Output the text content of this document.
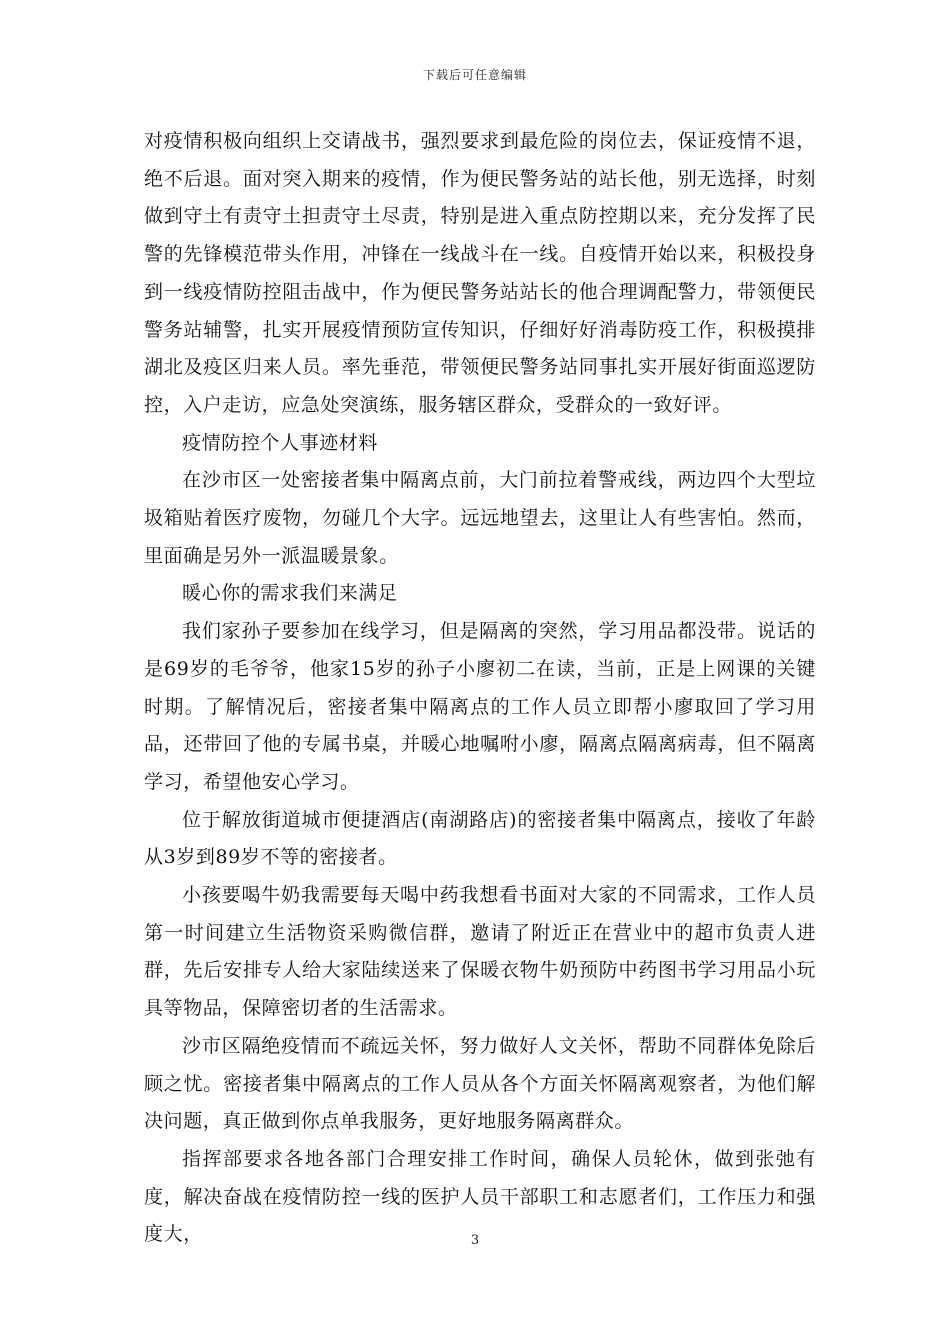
下载后可任意编辑

对疫情积极向组织上交请战书，强烈要求到最危险的岗位去，保证疫情不退，绝不后退。面对突入期来的疫情，作为便民警务站的站长他，别无选择，时刻做到守土有责守土担责守土尽责，特别是进入重点防控期以来，充分发挥了民警的先锋模范带头作用，冲锋在一线战斗在一线。自疫情开始以来，积极投身到一线疫情防控阻击战中，作为便民警务站站长的他合理调配警力，带领便民警务站辅警，扎实开展疫情预防宣传知识，仔细好好消毒防疫工作，积极摸排湖北及疫区归来人员。率先垂范，带领便民警务站同事扎实开展好街面巡逻防控，入户走访，应急处突演练，服务辖区群众，受群众的一致好评。

疫情防控个人事迹材料

在沙市区一处密接者集中隔离点前，大门前拉着警戒线，两边四个大型垃圾箱贴着医疗废物，勿碰几个大字。远远地望去，这里让人有些害怕。然而，里面确是另外一派温暖景象。

暖心你的需求我们来满足

我们家孙子要参加在线学习，但是隔离的突然，学习用品都没带。说话的是69岁的毛爷爷，他家15岁的孙子小廖初二在读，当前，正是上网课的关键时期。了解情况后，密接者集中隔离点的工作人员立即帮小廖取回了学习用品，还带回了他的专属书桌，并暖心地嘱咐小廖，隔离点隔离病毒，但不隔离学习，希望他安心学习。

位于解放街道城市便捷酒店(南湖路店)的密接者集中隔离点，接收了年龄从3岁到89岁不等的密接者。

小孩要喝牛奶我需要每天喝中药我想看书面对大家的不同需求，工作人员第一时间建立生活物资采购微信群，邀请了附近正在营业中的超市负责人进群，先后安排专人给大家陆续送来了保暖衣物牛奶预防中药图书学习用品小玩具等物品，保障密切者的生活需求。

沙市区隔绝疫情而不疏远关怀，努力做好人文关怀，帮助不同群体免除后顾之忧。密接者集中隔离点的工作人员从各个方面关怀隔离观察者，为他们解决问题，真正做到你点单我服务，更好地服务隔离群众。

指挥部要求各地各部门合理安排工作时间，确保人员轮休，做到张弛有度，解决奋战在疫情防控一线的医护人员干部职工和志愿者们，工作压力和强度大，	3
